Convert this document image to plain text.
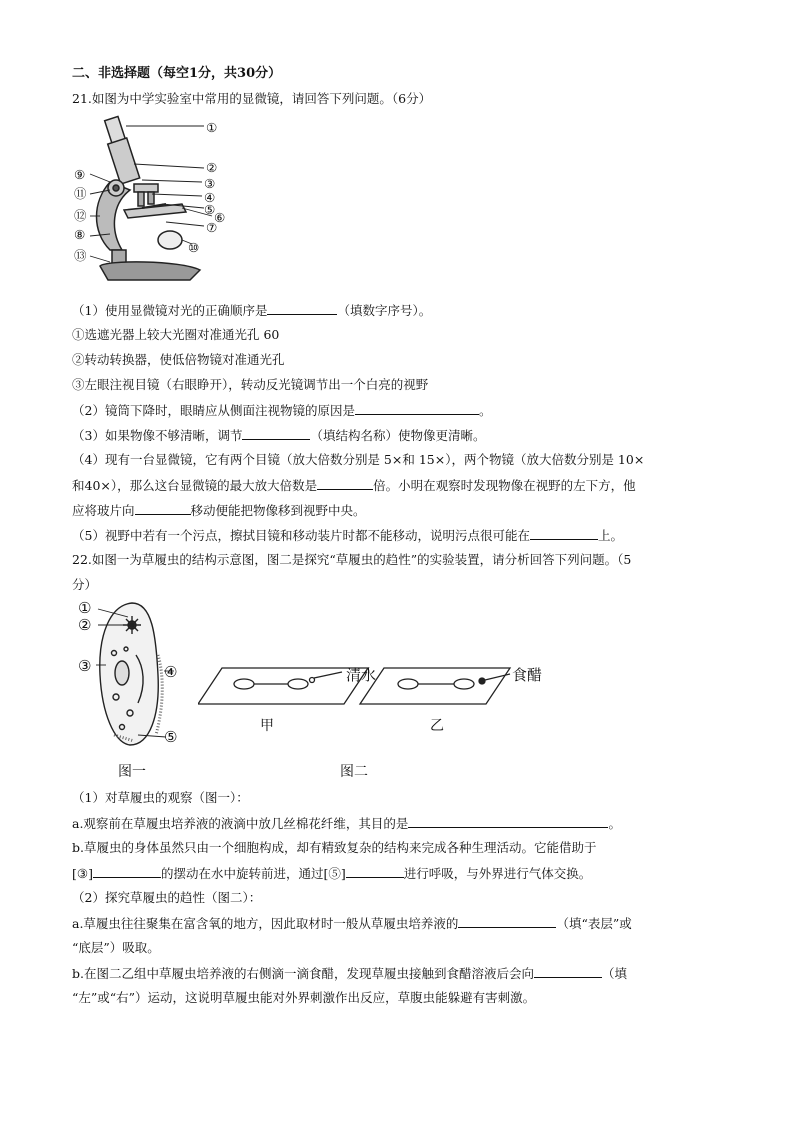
二、非选择题（每空1分，共30分）
21.如图为中学实验室中常用的显微镜，请回答下列问题。（6分）
①
②
③
④
⑤
⑥
⑦
⑧
⑨
⑩
⑪
⑫
⑬
（1）使用显微镜对光的正确顺序是	（填数字序号）。
①选遮光器上较大光圈对准通光孔 60
②转动转换器，使低倍物镜对准通光孔
③左眼注视目镜（右眼睁开），转动反光镜调节出一个白亮的视野
（2）镜筒下降时，眼睛应从侧面注视物镜的原因是	。
（3）如果物像不够清晰，调节	（填结构名称）使物像更清晰。
（4）现有一台显微镜，它有两个目镜（放大倍数分别是 5×和 15×），两个物镜（放大倍数分别是 10×
和40×），那么这台显微镜的最大放大倍数是	倍。小明在观察时发现物像在视野的左下方，他
应将玻片向	移动便能把物像移到视野中央。
（5）视野中若有一个污点，擦拭目镜和移动装片时都不能移动，说明污点很可能在	上。
22.如图一为草履虫的结构示意图，图二是探究“草履虫的趋性”的实验装置，请分析回答下列问题。（5
分）
①
②
③	④
⑤
图一
清水	食醋
甲	乙
图二
（1）对草履虫的观察（图一）：
a.观察前在草履虫培养液的液滴中放几丝棉花纤维，其目的是	。
b.草履虫的身体虽然只由一个细胞构成，却有精致复杂的结构来完成各种生理活动。它能借助于
[③]	的摆动在水中旋转前进，通过[⑤]	进行呼吸，与外界进行气体交换。
（2）探究草履虫的趋性（图二）：
a.草履虫往往聚集在富含氧的地方，因此取材时一般从草履虫培养液的	（填“表层”或
“底层”）吸取。
b.在图二乙组中草履虫培养液的右侧滴一滴食醋，发现草履虫接触到食醋溶液后会向	（填
“左”或“右”）运动，这说明草履虫能对外界刺激作出反应，草腹虫能躲避有害刺激。
